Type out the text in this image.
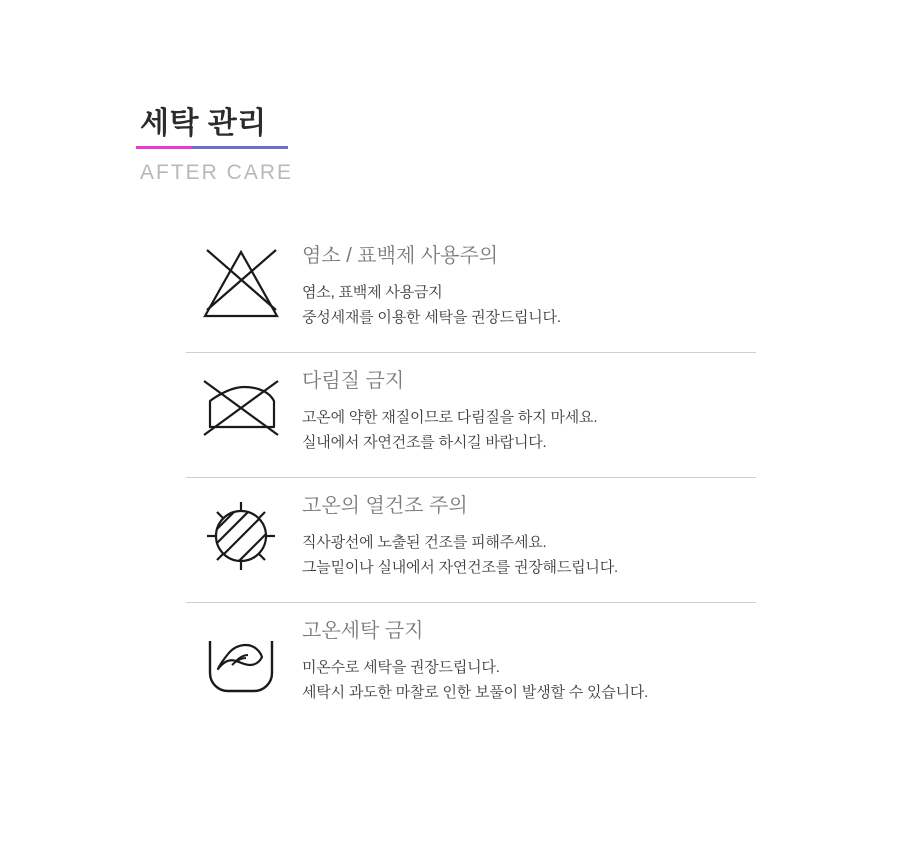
세탁 관리
AFTER CARE
염소 / 표백제 사용주의
염소, 표백제 사용금지
중성세재를 이용한 세탁을 권장드립니다.
다림질 금지
고온에 약한 재질이므로 다림질을 하지 마세요.
실내에서 자연건조를 하시길 바랍니다.
고온의 열건조 주의
직사광선에 노출된 건조를 피해주세요.
그늘밑이나 실내에서 자연건조를 권장해드립니다.
고온세탁 금지
미온수로 세탁을 권장드립니다.
세탁시 과도한 마찰로 인한 보풀이 발생할 수 있습니다.
